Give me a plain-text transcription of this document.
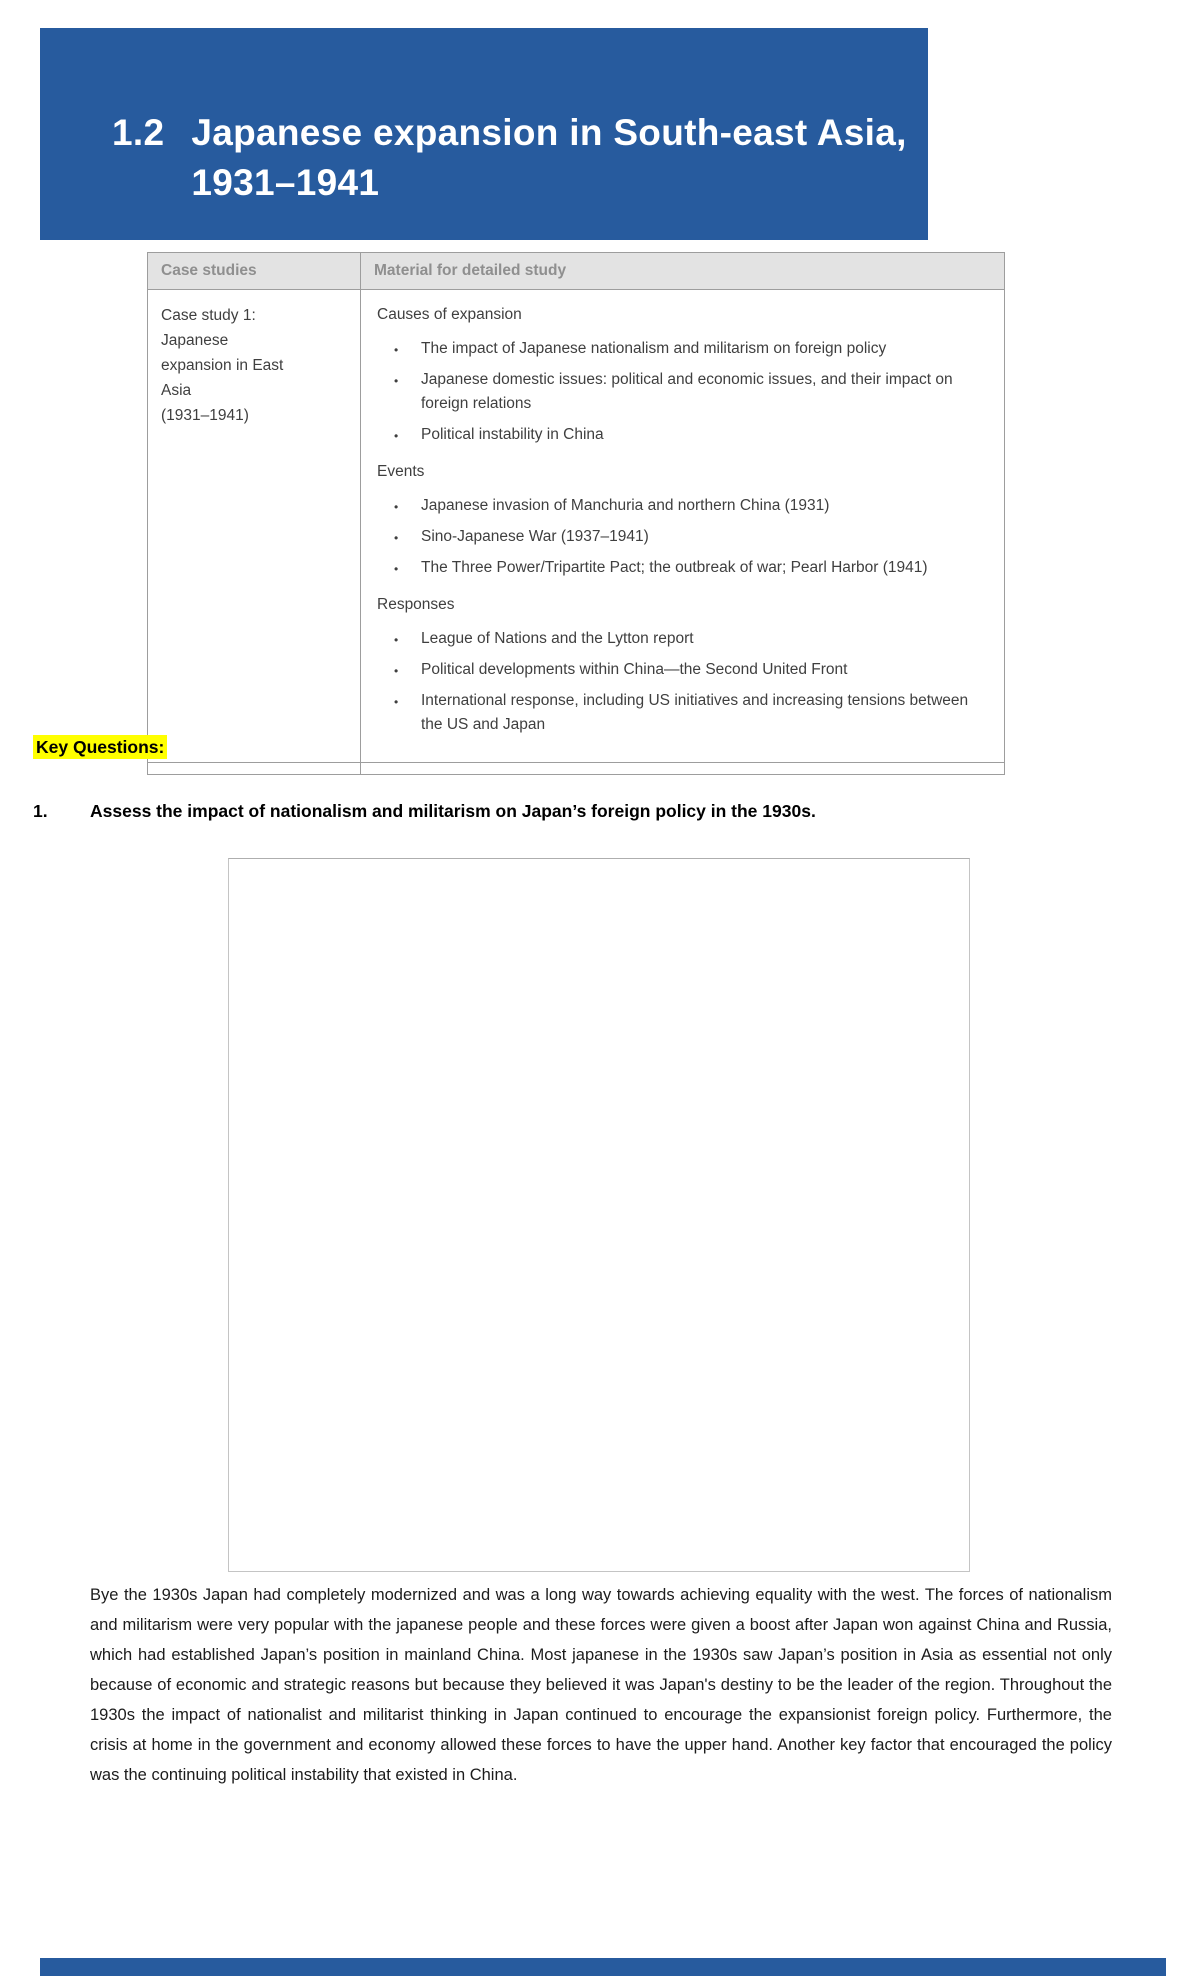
1.2 Japanese expansion in South-east Asia,
1931–1941
Case studies	Material for detailed study
Case study 1:
Japanese
expansion in East
Asia
(1931–1941)
Causes of expansion
• The impact of Japanese nationalism and militarism on foreign policy
• Japanese domestic issues: political and economic issues, and their impact on foreign relations
• Political instability in China
Events
• Japanese invasion of Manchuria and northern China (1931)
• Sino-Japanese War (1937–1941)
• The Three Power/Tripartite Pact; the outbreak of war; Pearl Harbor (1941)
Responses
• League of Nations and the Lytton report
• Political developments within China—the Second United Front
• International response, including US initiatives and increasing tensions between the US and Japan
Key Questions:
1.	Assess the impact of nationalism and militarism on Japan’s foreign policy in the 1930s.
Bye the 1930s Japan had completely modernized and was a long way towards achieving equality with the west. The forces of nationalism and militarism were very popular with the japanese people and these forces were given a boost after Japan won against China and Russia, which had established Japan’s position in mainland China. Most japanese in the 1930s saw Japan’s position in Asia as essential not only because of economic and strategic reasons but because they believed it was Japan's destiny to be the leader of the region. Throughout the 1930s the impact of nationalist and militarist thinking in Japan continued to encourage the expansionist foreign policy. Furthermore, the crisis at home in the government and economy allowed these forces to have the upper hand. Another key factor that encouraged the policy was the continuing political instability that existed in China.
